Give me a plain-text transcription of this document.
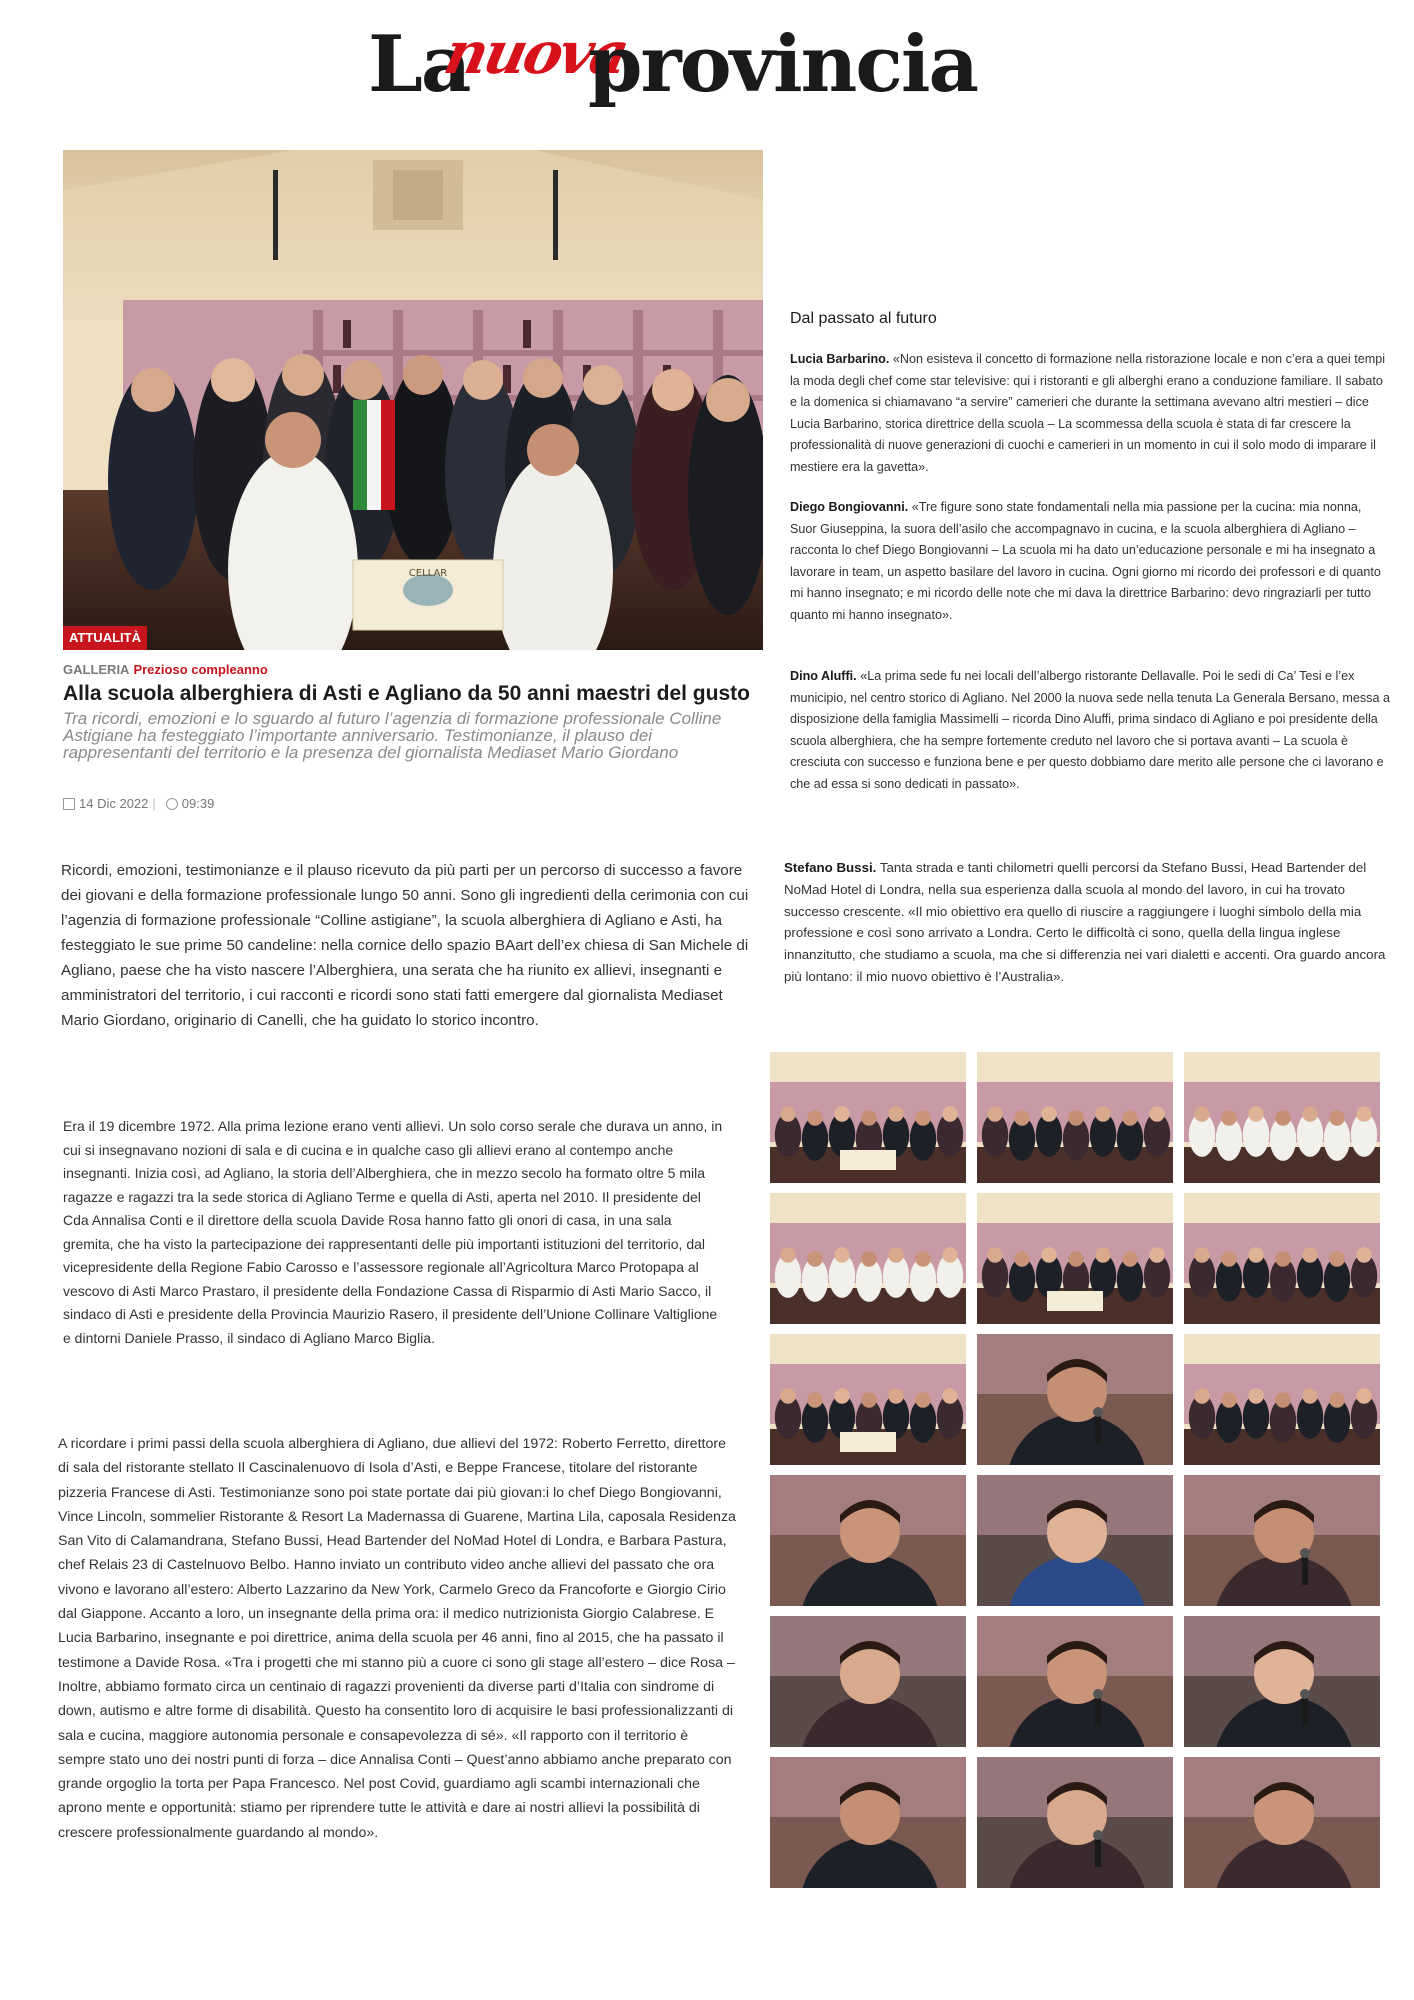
La
nuova
provincia
CELLAR
ATTUALITÀ
GALLERIA Prezioso compleanno
Alla scuola alberghiera di Asti e Agliano da 50 anni maestri del gusto
Tra ricordi, emozioni e lo sguardo al futuro l’agenzia di formazione professionale Colline Astigiane ha festeggiato l’importante anniversario. Testimonianze, il plauso dei rappresentanti del territorio e la presenza del giornalista Mediaset Mario Giordano
14 Dic 2022 | 09:39
Ricordi, emozioni, testimonianze e il plauso ricevuto da più parti per un percorso di successo a favore dei giovani e della formazione professionale lungo 50 anni. Sono gli ingredienti della cerimonia con cui l’agenzia di formazione professionale “Colline astigiane”, la scuola alberghiera di Agliano e Asti, ha festeggiato le sue prime 50 candeline: nella cornice dello spazio BAart dell’ex chiesa di San Michele di Agliano, paese che ha visto nascere l’Alberghiera, una serata che ha riunito ex allievi, insegnanti e amministratori del territorio, i cui racconti e ricordi sono stati fatti emergere dal giornalista Mediaset Mario Giordano, originario di Canelli, che ha guidato lo storico incontro.
Era il 19 dicembre 1972. Alla prima lezione erano venti allievi. Un solo corso serale che durava un anno, in cui si insegnavano nozioni di sala e di cucina e in qualche caso gli allievi erano al contempo anche insegnanti. Inizia così, ad Agliano, la storia dell’Alberghiera, che in mezzo secolo ha formato oltre 5 mila ragazze e ragazzi tra la sede storica di Agliano Terme e quella di Asti, aperta nel 2010. Il presidente del Cda Annalisa Conti e il direttore della scuola Davide Rosa hanno fatto gli onori di casa, in una sala gremita, che ha visto la partecipazione dei rappresentanti delle più importanti istituzioni del territorio, dal vicepresidente della Regione Fabio Carosso e l’assessore regionale all’Agricoltura Marco Protopapa al vescovo di Asti Marco Prastaro, il presidente della Fondazione Cassa di Risparmio di Asti Mario Sacco, il sindaco di Asti e presidente della Provincia Maurizio Rasero, il presidente dell’Unione Collinare Valtiglione e dintorni Daniele Prasso, il sindaco di Agliano Marco Biglia.
A ricordare i primi passi della scuola alberghiera di Agliano, due allievi del 1972: Roberto Ferretto, direttore di sala del ristorante stellato Il Cascinalenuovo di Isola d’Asti, e Beppe Francese, titolare del ristorante pizzeria Francese di Asti. Testimonianze sono poi state portate dai più giovan:i lo chef Diego Bongiovanni, Vince Lincoln, sommelier Ristorante & Resort La Madernassa di Guarene, Martina Lila, caposala Residenza San Vito di Calamandrana, Stefano Bussi, Head Bartender del NoMad Hotel di Londra, e Barbara Pastura, chef Relais 23 di Castelnuovo Belbo. Hanno inviato un contributo video anche allievi del passato che ora vivono e lavorano all’estero: Alberto Lazzarino da New York, Carmelo Greco da Francoforte e Giorgio Cirio dal Giappone. Accanto a loro, un insegnante della prima ora: il medico nutrizionista Giorgio Calabrese. E Lucia Barbarino, insegnante e poi direttrice, anima della scuola per 46 anni, fino al 2015, che ha passato il testimone a Davide Rosa. «Tra i progetti che mi stanno più a cuore ci sono gli stage all’estero – dice Rosa – Inoltre, abbiamo formato circa un centinaio di ragazzi provenienti da diverse parti d’Italia con sindrome di down, autismo e altre forme di disabilità. Questo ha consentito loro di acquisire le basi professionalizzanti di sala e cucina, maggiore autonomia personale e consapevolezza di sé». «Il rapporto con il territorio è sempre stato uno dei nostri punti di forza – dice Annalisa Conti – Quest’anno abbiamo anche preparato con grande orgoglio la torta per Papa Francesco. Nel post Covid, guardiamo agli scambi internazionali che aprono mente e opportunità: stiamo per riprendere tutte le attività e dare ai nostri allievi la possibilità di crescere professionalmente guardando al mondo».
Dal passato al futuro
Lucia Barbarino. «Non esisteva il concetto di formazione nella ristorazione locale e non c’era a quei tempi la moda degli chef come star televisive: qui i ristoranti e gli alberghi erano a conduzione familiare. Il sabato e la domenica si chiamavano “a servire” camerieri che durante la settimana avevano altri mestieri – dice Lucia Barbarino, storica direttrice della scuola – La scommessa della scuola è stata di far crescere la professionalità di nuove generazioni di cuochi e camerieri in un momento in cui il solo modo di imparare il mestiere era la gavetta».
Diego Bongiovanni. «Tre figure sono state fondamentali nella mia passione per la cucina: mia nonna, Suor Giuseppina, la suora dell’asilo che accompagnavo in cucina, e la scuola alberghiera di Agliano – racconta lo chef Diego Bongiovanni – La scuola mi ha dato un’educazione personale e mi ha insegnato a lavorare in team, un aspetto basilare del lavoro in cucina. Ogni giorno mi ricordo dei professori e di quanto mi hanno insegnato; e mi ricordo delle note che mi dava la direttrice Barbarino: devo ringraziarli per tutto quanto mi hanno insegnato».
Dino Aluffi. «La prima sede fu nei locali dell’albergo ristorante Dellavalle. Poi le sedi di Ca’ Tesi e l’ex municipio, nel centro storico di Agliano. Nel 2000 la nuova sede nella tenuta La Generala Bersano, messa a disposizione della famiglia Massimelli – ricorda Dino Aluffi, prima sindaco di Agliano e poi presidente della scuola alberghiera, che ha sempre fortemente creduto nel lavoro che si portava avanti – La scuola è cresciuta con successo e funziona bene e per questo dobbiamo dare merito alle persone che ci lavorano e che ad essa si sono dedicati in passato».
Stefano Bussi. Tanta strada e tanti chilometri quelli percorsi da Stefano Bussi, Head Bartender del NoMad Hotel di Londra, nella sua esperienza dalla scuola al mondo del lavoro, in cui ha trovato successo crescente. «Il mio obiettivo era quello di riuscire a raggiungere i luoghi simbolo della mia professione e così sono arrivato a Londra. Certo le difficoltà ci sono, quella della lingua inglese innanzitutto, che studiamo a scuola, ma che si differenzia nei vari dialetti e accenti. Ora guardo ancora più lontano: il mio nuovo obiettivo è l’Australia».
